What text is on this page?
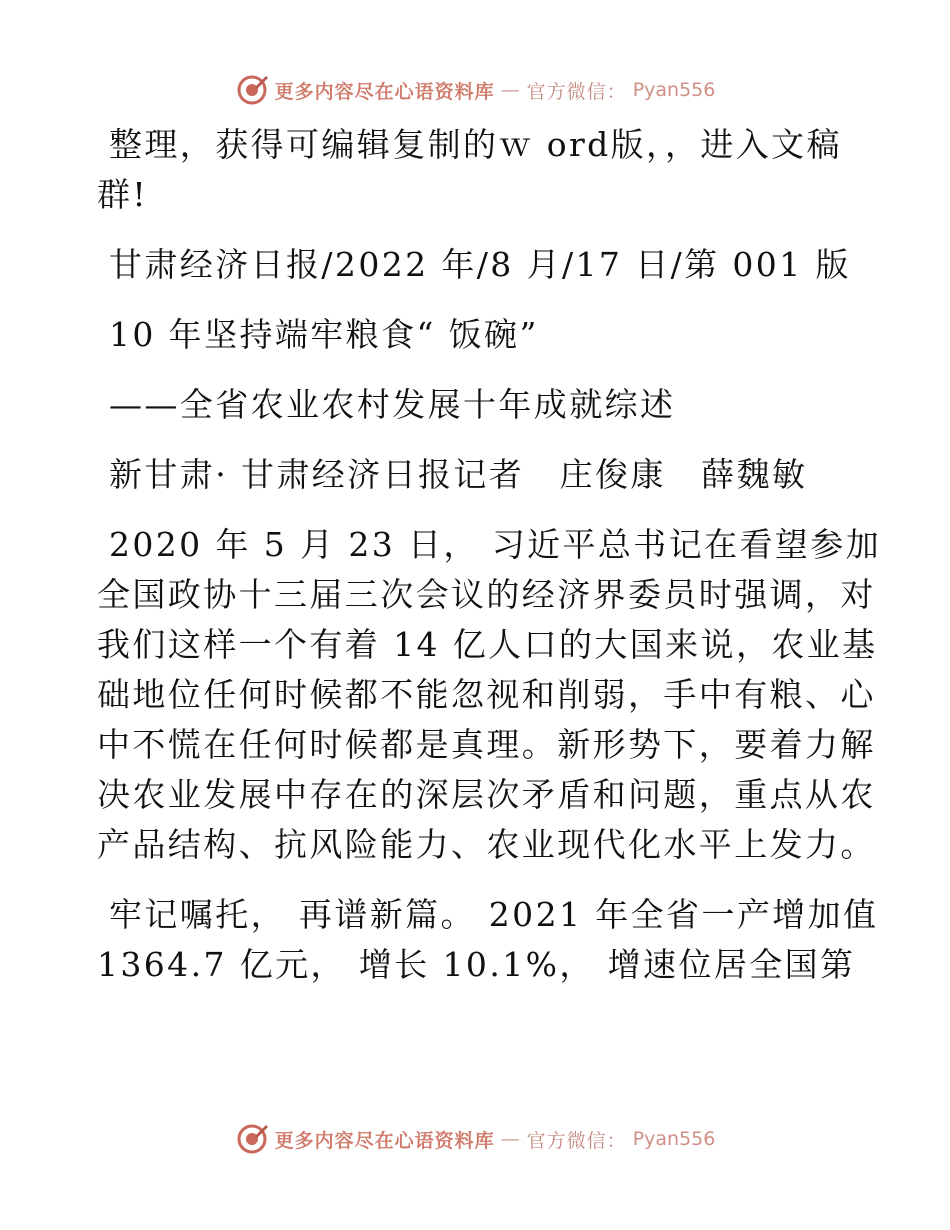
更多内容尽在心语资料库 — 官方微信： Pyan556
整理，获得可编辑复制的ｗ ord版，，进入文稿
群!
甘肃经济日报/2022 年/8 月/17 日/第 001 版
10 年坚持端牢粮食“ 饭碗”
——全省农业农村发展十年成就综述
新甘肃· 甘肃经济日报记者　庄俊康　薛魏敏
2020 年 5 月 23 日， 习近平总书记在看望参加
全国政协十三届三次会议的经济界委员时强调，对
我们这样一个有着 14 亿人口的大国来说，农业基
础地位任何时候都不能忽视和削弱，手中有粮、心
中不慌在任何时候都是真理。新形势下，要着力解
决农业发展中存在的深层次矛盾和问题，重点从农
产品结构、抗风险能力、农业现代化水平上发力。
牢记嘱托， 再谱新篇。 2021 年全省一产增加值
1364.7 亿元， 增长 10.1%， 增速位居全国第
更多内容尽在心语资料库 — 官方微信： Pyan556
